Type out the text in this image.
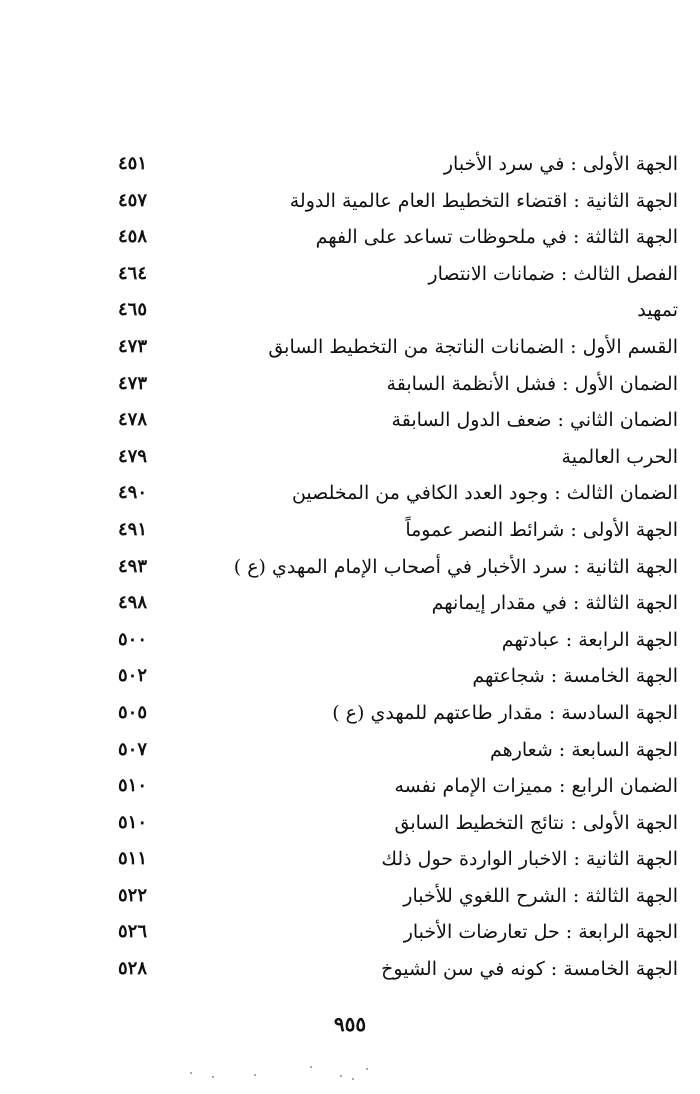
الجهة الأولى : في سرد الأخبار
٤٥١
الجهة الثانية : اقتضاء التخطيط العام عالمية الدولة
٤٥٧
الجهة الثالثة : في ملحوظات تساعد على الفهم
٤٥٨
الفصل الثالث : ضمانات الانتصار
٤٦٤
تمهيد
٤٦٥
القسم الأول : الضمانات الناتجة من التخطيط السابق
٤٧٣
الضمان الأول : فشل الأنظمة السابقة
٤٧٣
الضمان الثاني : ضعف الدول السابقة
٤٧٨
الحرب العالمية
٤٧٩
الضمان الثالث : وجود العدد الكافي من المخلصين
٤٩٠
الجهة الأولى : شرائط النصر عموماً
٤٩١
الجهة الثانية : سرد الأخبار في أصحاب الإمام المهدي (ع )
٤٩٣
الجهة الثالثة : في مقدار إيمانهم
٤٩٨
الجهة الرابعة : عبادتهم
٥٠٠
الجهة الخامسة : شجاعتهم
٥٠٢
الجهة السادسة : مقدار طاعتهم للمهدي (ع )
٥٠٥
الجهة السابعة : شعارهم
٥٠٧
الضمان الرابع : مميزات الإمام نفسه
٥١٠
الجهة الأولى : نتائج التخطيط السابق
٥١٠
الجهة الثانية : الاخبار الواردة حول ذلك
٥١١
الجهة الثالثة : الشرح اللغوي للأخبار
٥٢٢
الجهة الرابعة : حل تعارضات الأخبار
٥٢٦
الجهة الخامسة : كونه في سن الشيوخ
٥٢٨
٩٥٥
